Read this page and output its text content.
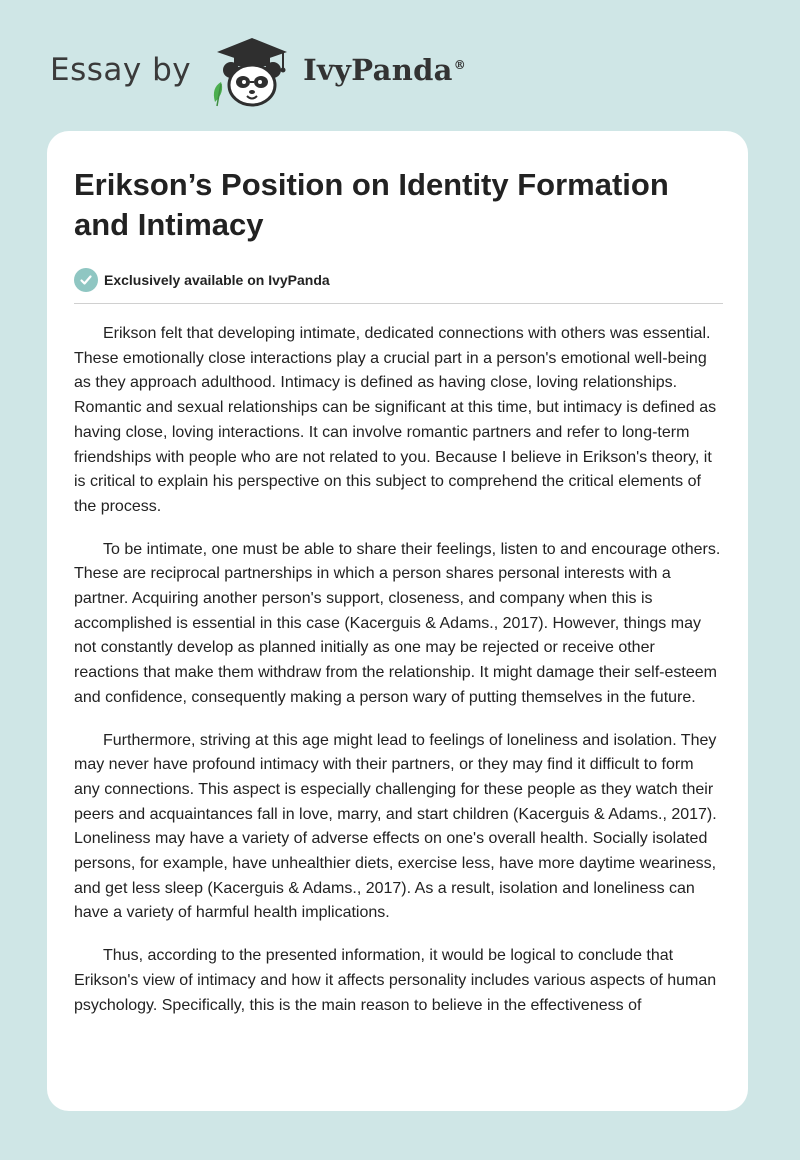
Essay by	IvyPanda®
Erikson’s Position on Identity Formation and Intimacy
Exclusively available on IvyPanda

Erikson felt that developing intimate, dedicated connections with others was essential. These emotionally close interactions play a crucial part in a person's emotional well-being as they approach adulthood. Intimacy is defined as having close, loving relationships. Romantic and sexual relationships can be significant at this time, but intimacy is defined as having close, loving interactions. It can involve romantic partners and refer to long-term friendships with people who are not related to you. Because I believe in Erikson's theory, it is critical to explain his perspective on this subject to comprehend the critical elements of the process.

To be intimate, one must be able to share their feelings, listen to and encourage others. These are reciprocal partnerships in which a person shares personal interests with a partner. Acquiring another person's support, closeness, and company when this is accomplished is essential in this case (Kacerguis & Adams., 2017). However, things may not constantly develop as planned initially as one may be rejected or receive other reactions that make them withdraw from the relationship. It might damage their self-esteem and confidence, consequently making a person wary of putting themselves in the future.

Furthermore, striving at this age might lead to feelings of loneliness and isolation. They may never have profound intimacy with their partners, or they may find it difficult to form any connections. This aspect is especially challenging for these people as they watch their peers and acquaintances fall in love, marry, and start children (Kacerguis & Adams., 2017). Loneliness may have a variety of adverse effects on one's overall health. Socially isolated persons, for example, have unhealthier diets, exercise less, have more daytime weariness, and get less sleep (Kacerguis & Adams., 2017). As a result, isolation and loneliness can have a variety of harmful health implications.

Thus, according to the presented information, it would be logical to conclude that Erikson's view of intimacy and how it affects personality includes various aspects of human psychology. Specifically, this is the main reason to believe in the effectiveness of
